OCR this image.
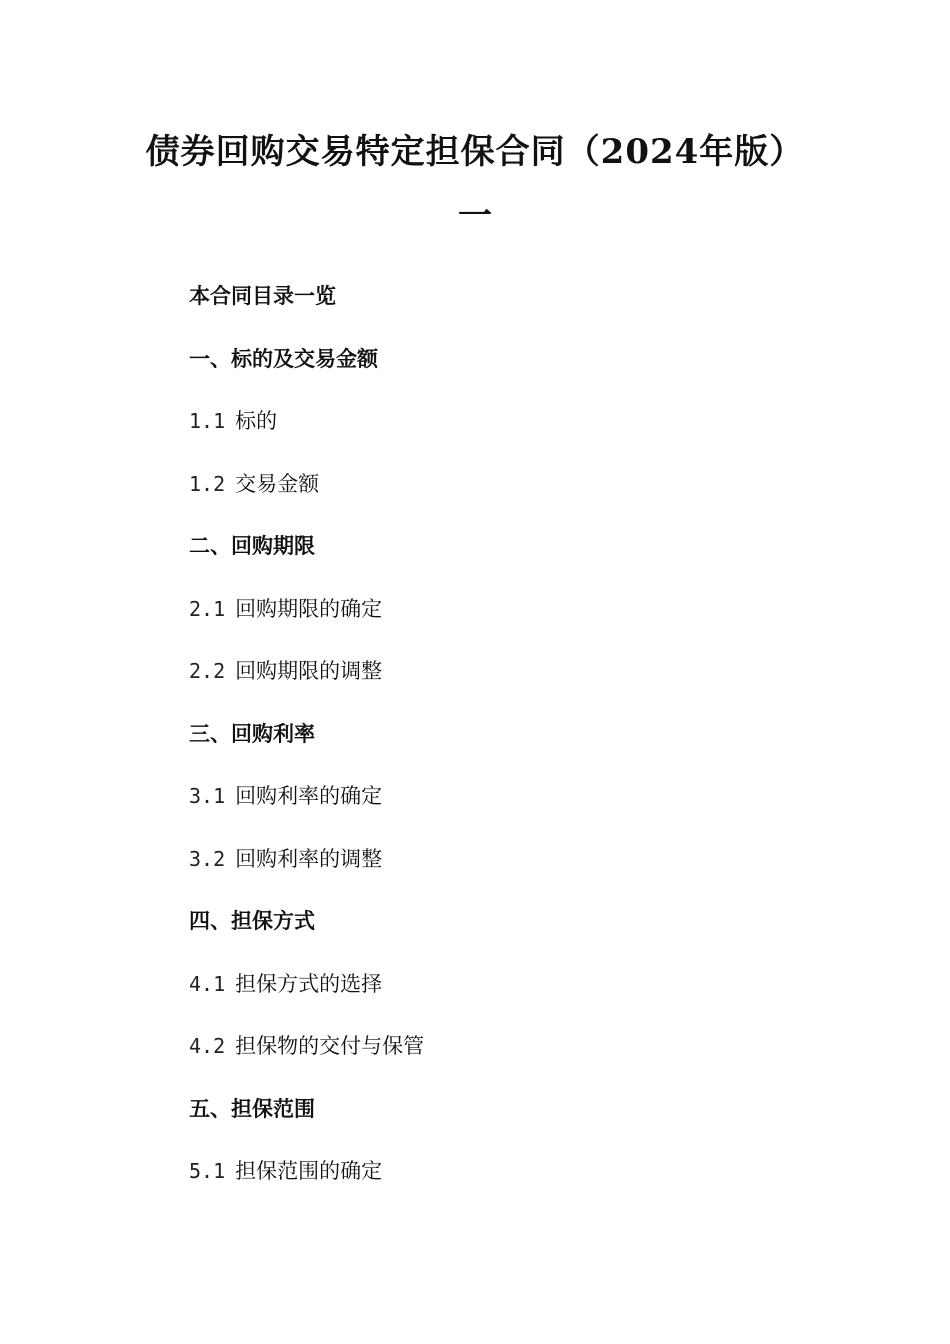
债券回购交易特定担保合同（2024年版）
一
本合同目录一览
一、标的及交易金额
1.1 标的
1.2 交易金额
二、回购期限
2.1 回购期限的确定
2.2 回购期限的调整
三、回购利率
3.1 回购利率的确定
3.2 回购利率的调整
四、担保方式
4.1 担保方式的选择
4.2 担保物的交付与保管
五、担保范围
5.1 担保范围的确定
